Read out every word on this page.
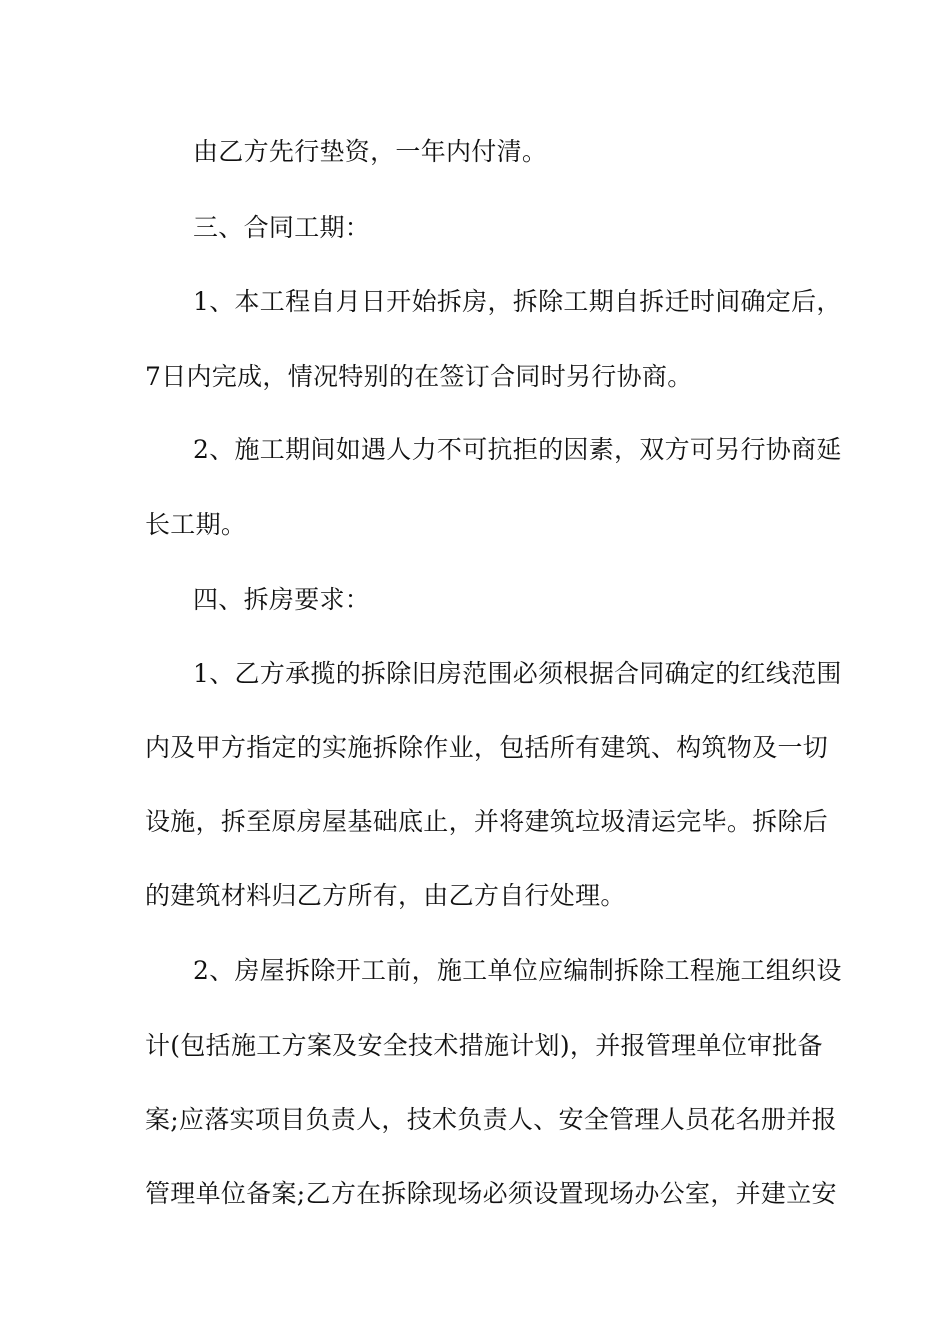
由乙方先行垫资，一年内付清。
三、合同工期：
1、本工程自月日开始拆房，拆除工期自拆迁时间确定后，
7日内完成，情况特别的在签订合同时另行协商。
2、施工期间如遇人力不可抗拒的因素，双方可另行协商延
长工期。
四、拆房要求：
1、乙方承揽的拆除旧房范围必须根据合同确定的红线范围
内及甲方指定的实施拆除作业，包括所有建筑、构筑物及一切
设施，拆至原房屋基础底止，并将建筑垃圾清运完毕。拆除后
的建筑材料归乙方所有，由乙方自行处理。
2、房屋拆除开工前，施工单位应编制拆除工程施工组织设
计(包括施工方案及安全技术措施计划)，并报管理单位审批备
案;应落实项目负责人，技术负责人、安全管理人员花名册并报
管理单位备案;乙方在拆除现场必须设置现场办公室，并建立安
